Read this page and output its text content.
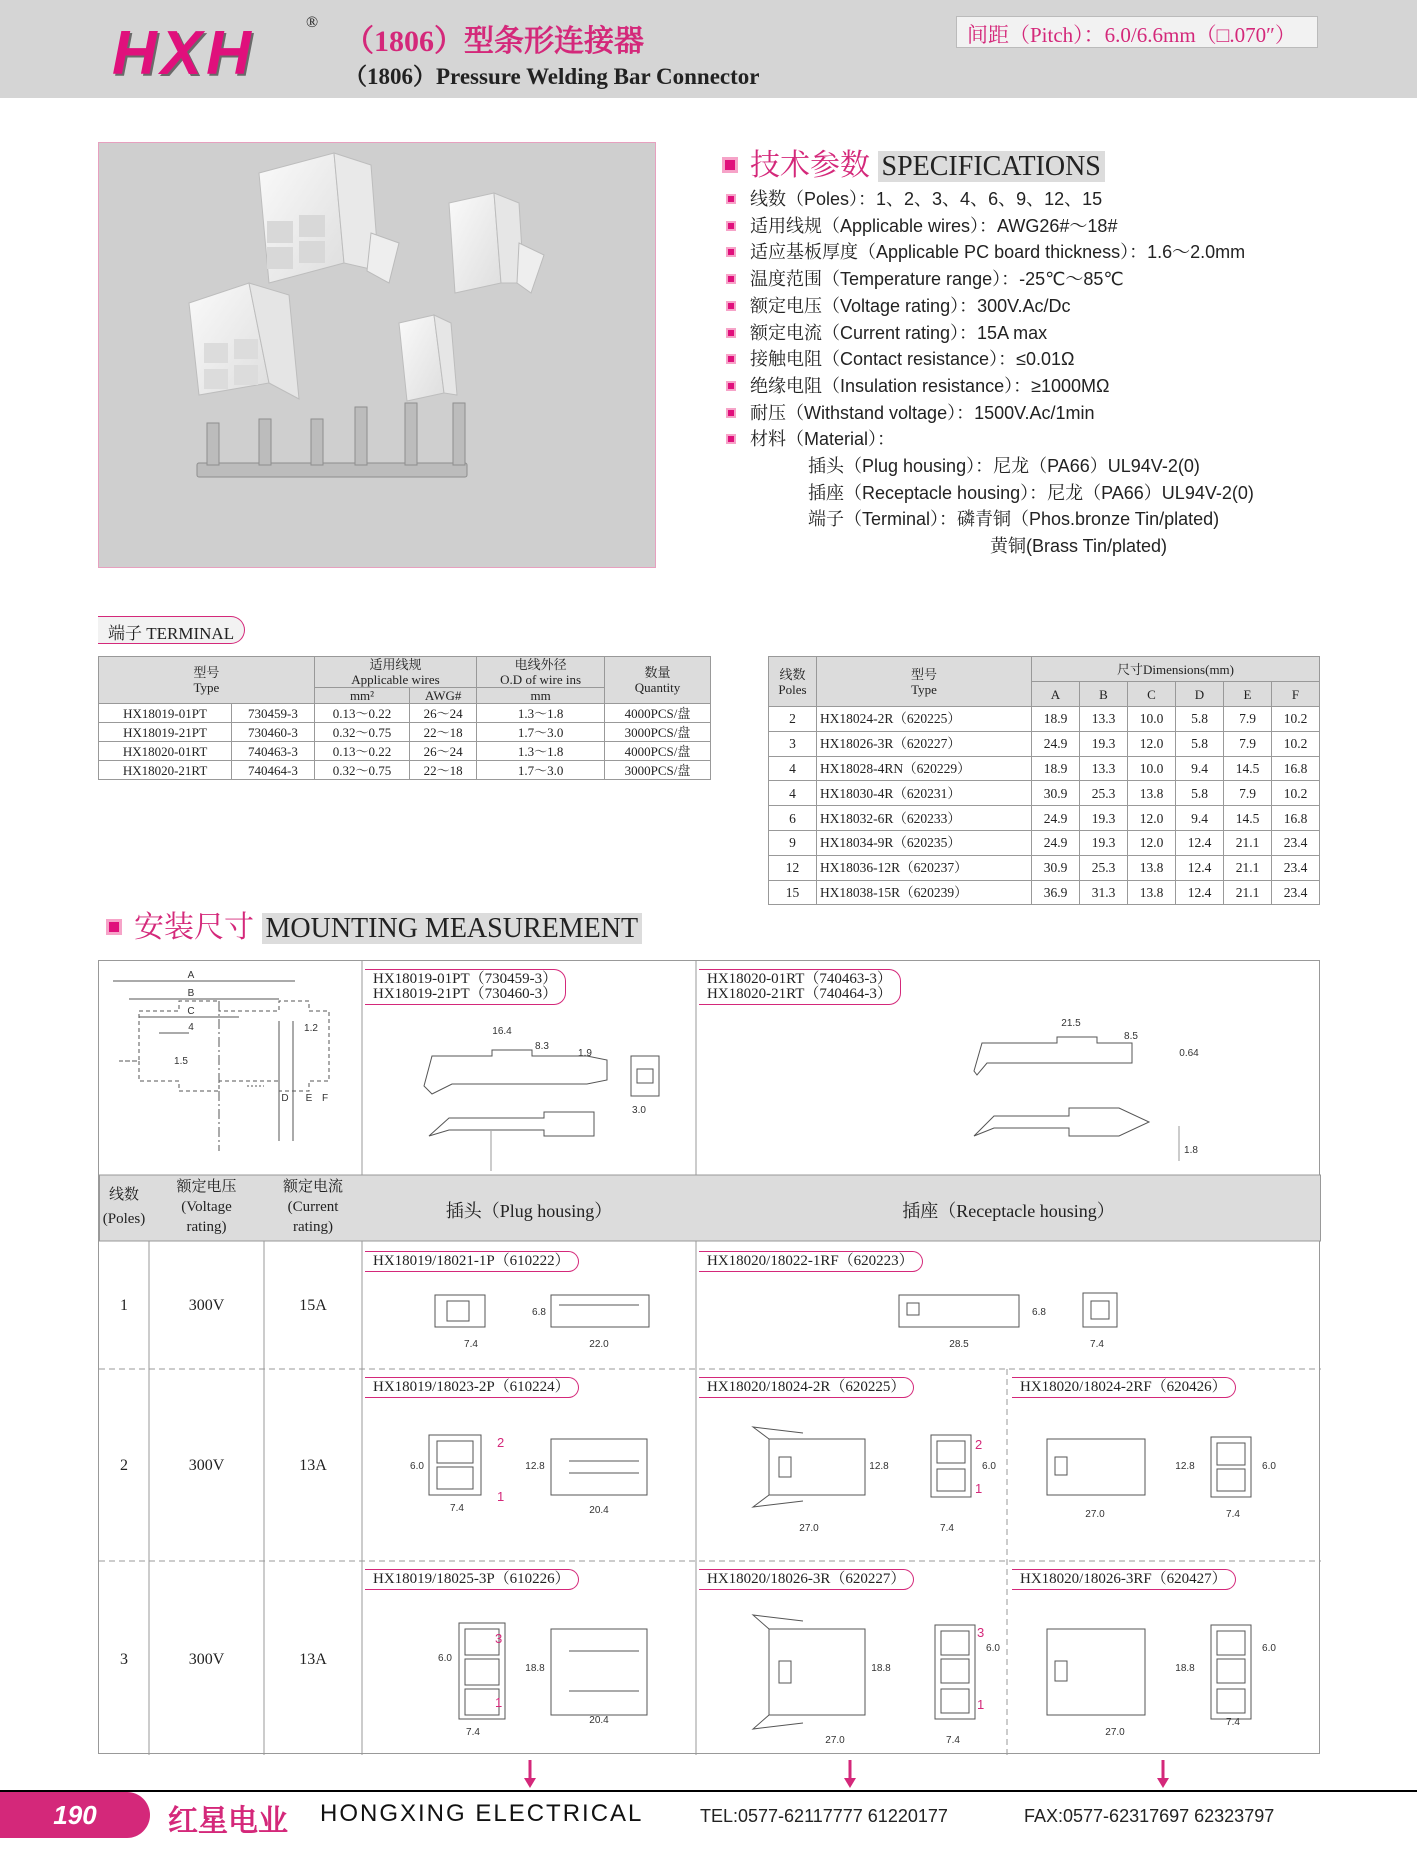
HXH	®
（1806）型条形连接器
（1806）Pressure Welding Bar Connector
间距（Pitch）：6.0/6.6mm（□.070″）
技术参数 SPECIFICATIONS
线数（Poles）：1、2、3、4、6、9、12、15
适用线规（Applicable wires）：AWG26#～18#
适应基板厚度（Applicable PC board thickness）：1.6～2.0mm
温度范围（Temperature range）：-25℃～85℃
额定电压（Voltage rating）：300V.Ac/Dc
额定电流（Current rating）：15A max
接触电阻（Contact resistance）：≤0.01Ω
绝缘电阻（Insulation resistance）：≥1000MΩ
耐压（Withstand voltage）：1500V.Ac/1min
材料（Material）：
插头（Plug housing）：尼龙（PA66）UL94V-2(0)
插座（Receptacle housing）：尼龙（PA66）UL94V-2(0)
端子（Terminal）：磷青铜（Phos.bronze Tin/plated)
黄铜(Brass Tin/plated)
端子 TERMINAL
型号
Type		适用线规
Applicable wires		电线外径
O.D of wire ins	数量
Quantity
		mm²	AWG#	mm	
HX18019-01PT	730459-3	0.13～0.22	26～24	1.3～1.8	4000PCS/盘
HX18019-21PT	730460-3	0.32～0.75	22～18	1.7～3.0	3000PCS/盘
HX18020-01RT	740463-3	0.13～0.22	26～24	1.3～1.8	4000PCS/盘
HX18020-21RT	740464-3	0.32～0.75	22～18	1.7～3.0	3000PCS/盘
线数
Poles	型号
Type	尺寸Dimensions(mm)					
		A	B	C	D	E	F
2	HX18024-2R（620225）	18.9	13.3	10.0	5.8	7.9	10.2
3	HX18026-3R（620227）	24.9	19.3	12.0	5.8	7.9	10.2
4	HX18028-4RN（620229）	18.9	13.3	10.0	9.4	14.5	16.8
4	HX18030-4R（620231）	30.9	25.3	13.8	5.8	7.9	10.2
6	HX18032-6R（620233）	24.9	19.3	12.0	9.4	14.5	16.8
9	HX18034-9R（620235）	24.9	19.3	12.0	12.4	21.1	23.4
12	HX18036-12R（620237）	30.9	25.3	13.8	12.4	21.1	23.4
15	HX18038-15R（620239）	36.9	31.3	13.8	12.4	21.1	23.4
安装尺寸 MOUNTING MEASUREMENT
A
B
C
4
1.5
1.2
D E F
16.4
8.3
1.9
3.0
21.5
8.5
0.64
1.8
7.4
6.8
22.0	28.5
6.8
7.4
7.4
6.0	12.8
20.4
27.0
12.8	6.0
7.4
27.0
12.8	6.0
7.4
2
1
2
1
7.4
6.0
18.8
20.4
27.0
18.8
6.0
7.4
27.0
18.8
6.0
7.4
3
1
3
1
HX18019-01PT（730459-3）
HX18019-21PT（730460-3）
HX18020-01RT（740463-3）
HX18020-21RT（740464-3）
线数
(Poles)
额定电压
(Voltage
rating)
额定电流
(Current
rating)
插头（Plug housing）	插座（Receptacle housing）
1	300V	15A
HX18019/18021-1P（610222）	HX18020/18022-1RF（620223）
2	300V	13A
HX18019/18023-2P（610224）	HX18020/18024-2R（620225）	HX18020/18024-2RF（620426）
3	300V	13A
HX18019/18025-3P（610226）	HX18020/18026-3R（620227）	HX18020/18026-3RF（620427）
190	红星电业 HONGXING ELECTRICAL	TEL:0577-62117777 61220177	FAX:0577-62317697 62323797
